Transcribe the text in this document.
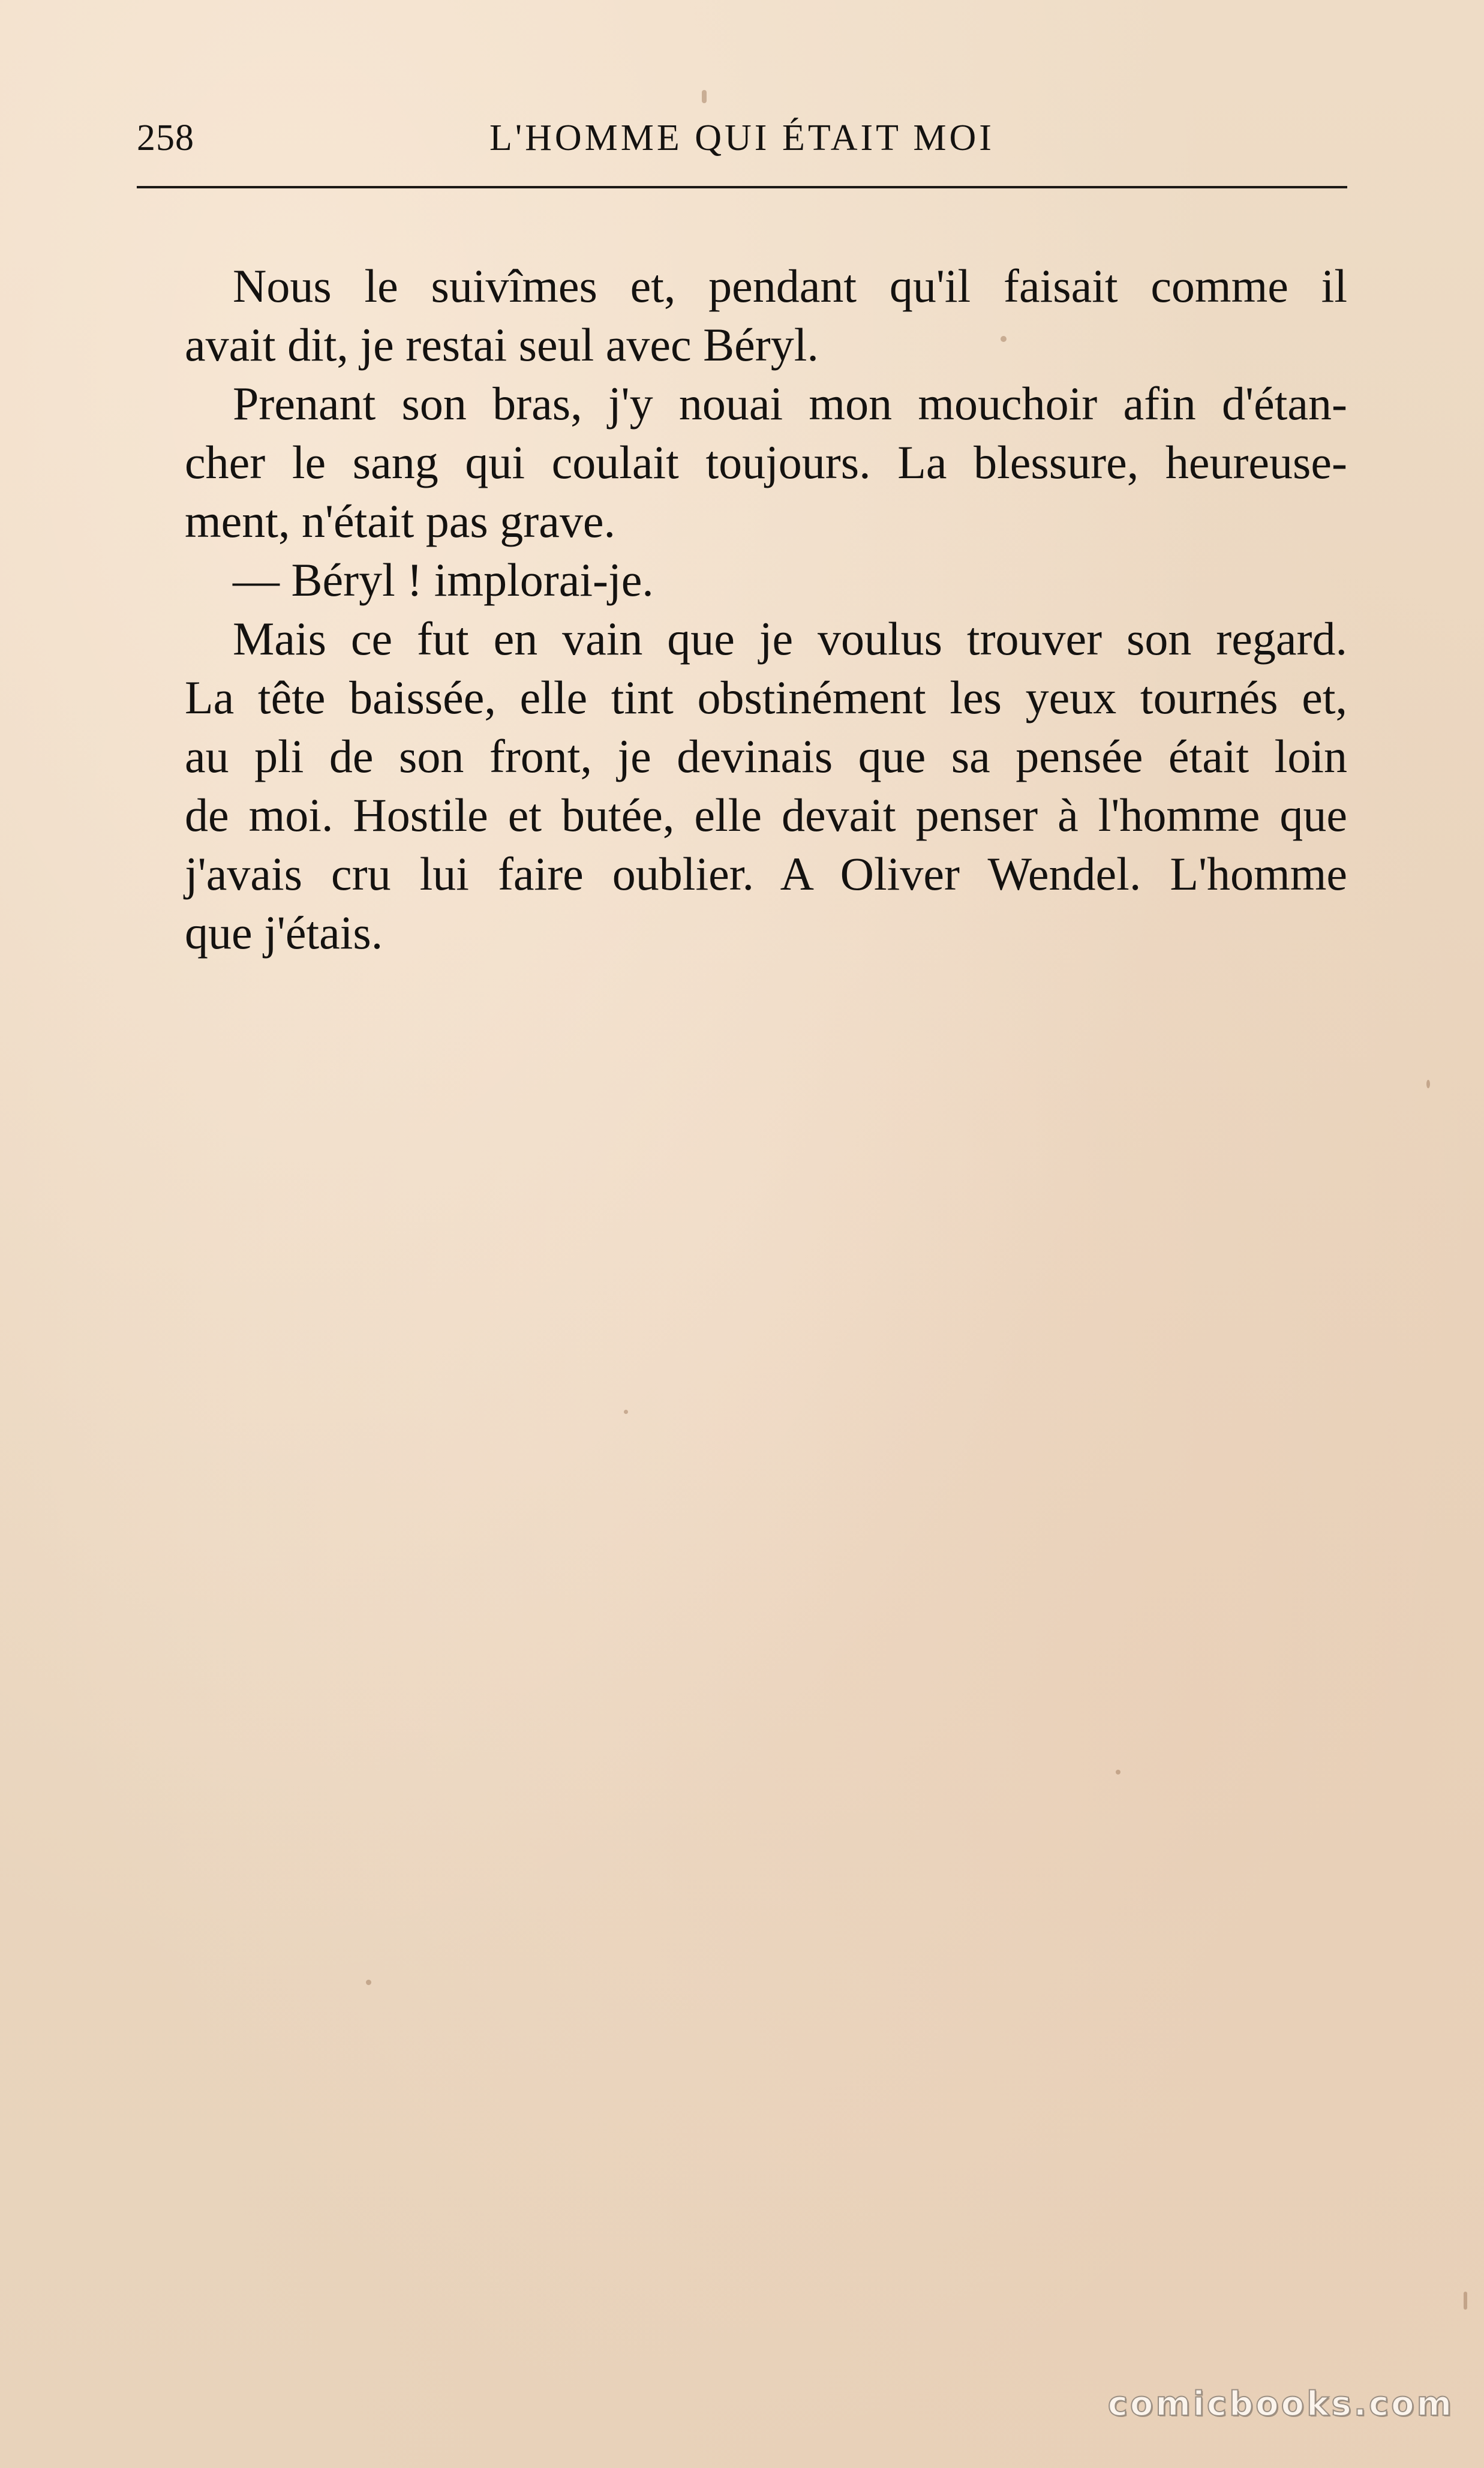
258	L'HOMME QUI ÉTAIT MOI
Nous le suivîmes et, pendant qu'il faisait comme il
avait dit, je restai seul avec Béryl.
Prenant son bras, j'y nouai mon mouchoir afin d'étan-
cher le sang qui coulait toujours. La blessure, heureuse-
ment, n'était pas grave.
— Béryl ! implorai-je.
Mais ce fut en vain que je voulus trouver son regard.
La tête baissée, elle tint obstinément les yeux tournés et,
au pli de son front, je devinais que sa pensée était loin
de moi. Hostile et butée, elle devait penser à l'homme que
j'avais cru lui faire oublier. A Oliver Wendel. L'homme
que j'étais.
comicbooks.com
